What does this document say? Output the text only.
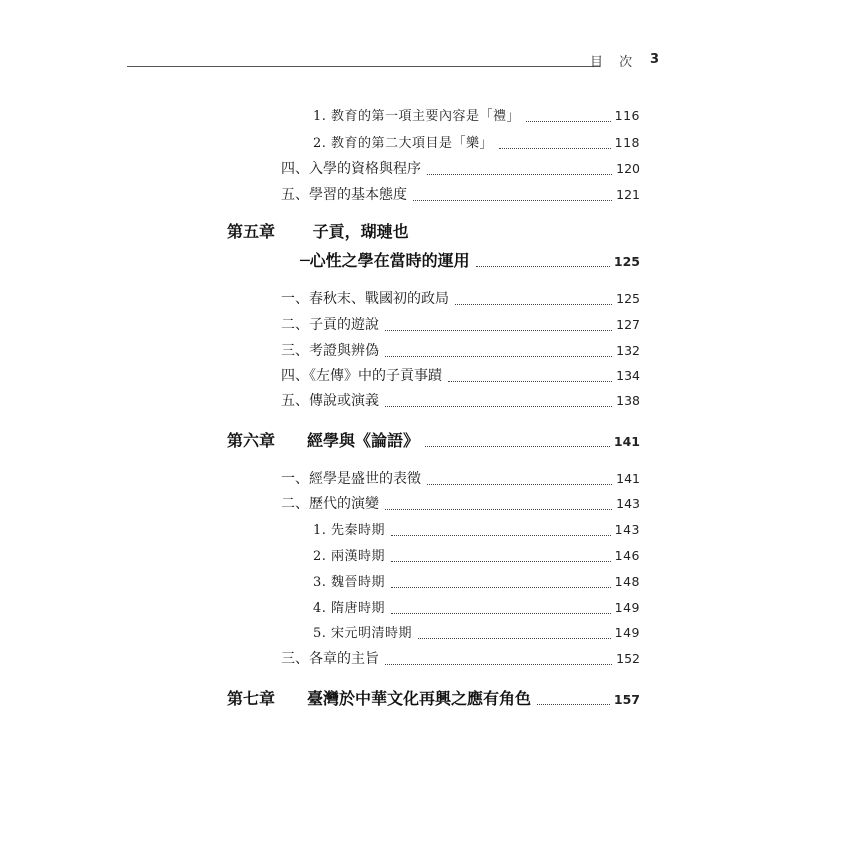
目 次 3
1. 教育的第一項主要內容是「禮」	116
2. 教育的第二大項目是「樂」	118
四、入學的資格與程序	120
五、學習的基本態度	121
第五章 子貢，瑚璉也
─心性之學在當時的運用	125
一、春秋末、戰國初的政局	125
二、子貢的遊說	127
三、考證與辨偽	132
四、《左傳》中的子貢事蹟	134
五、傳說或演義	138
第六章	經學與《論語》	141
一、經學是盛世的表徵	141
二、歷代的演變	143
1. 先秦時期	143
2. 兩漢時期	146
3. 魏晉時期	148
4. 隋唐時期	149
5. 宋元明清時期	149
三、各章的主旨	152
第七章	臺灣於中華文化再興之應有角色	157
